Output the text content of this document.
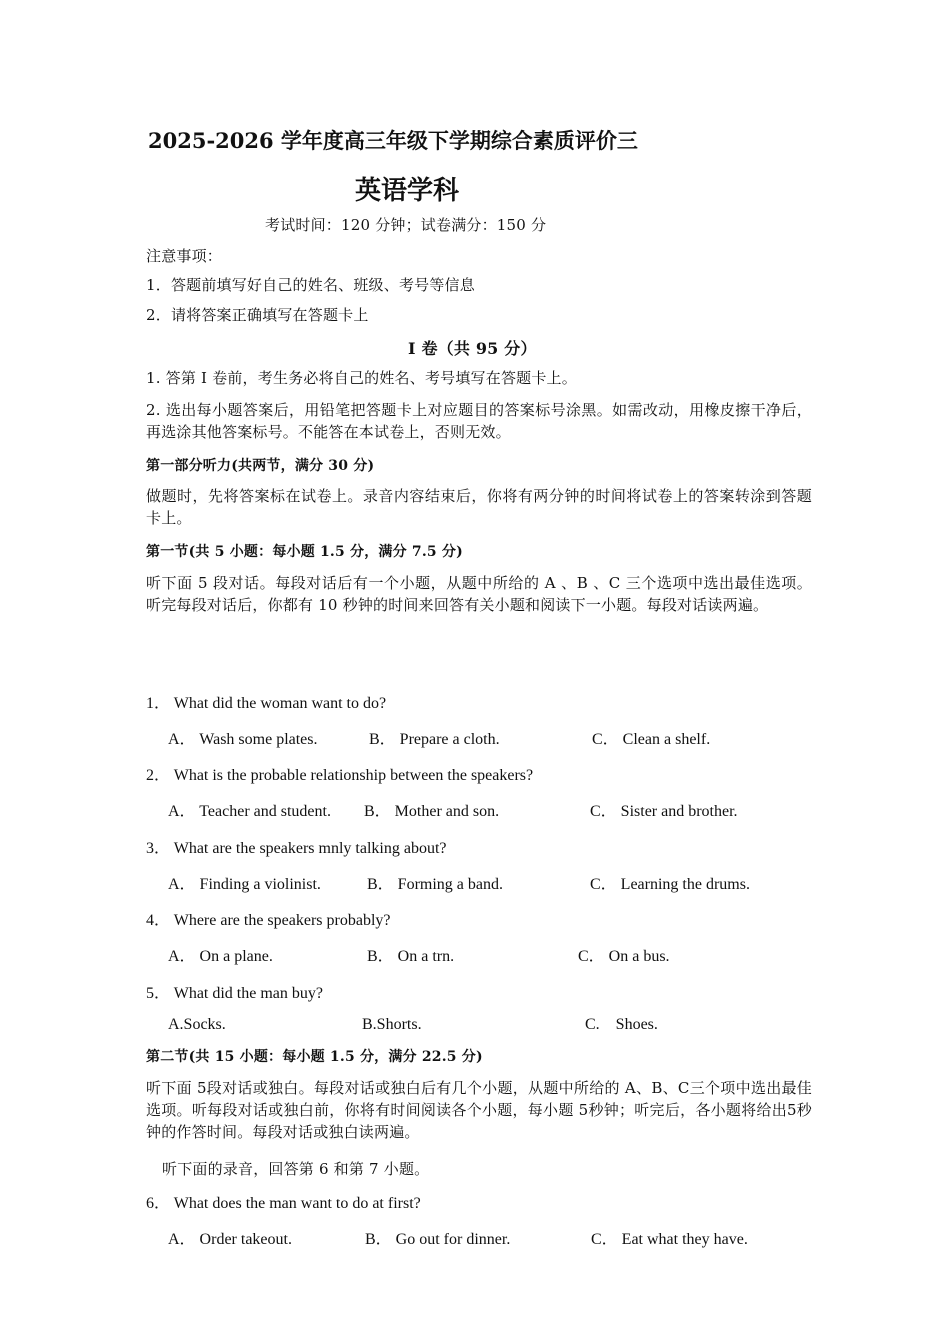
2025-2026 学年度高三年级下学期综合素质评价三
英语学科
考试时间：120 分钟；试卷满分：150 分
注意事项：
1．答题前填写好自己的姓名、班级、考号等信息
2．请将答案正确填写在答题卡上
Ⅰ 卷（共 95 分）
1. 答第 Ⅰ 卷前，考生务必将自己的姓名、考号填写在答题卡上。
2. 选出每小题答案后，用铅笔把答题卡上对应题目的答案标号涂黑。如需改动，用橡皮擦干净后，再选涂其他答案标号。不能答在本试卷上，否则无效。
第一部分听力(共两节，满分 30 分)
做题时，先将答案标在试卷上。录音内容结束后，你将有两分钟的时间将试卷上的答案转涂到答题卡上。
第一节(共 5 小题：每小题 1.5 分，满分 7.5 分)
听下面 5 段对话。每段对话后有一个小题，从题中所给的 A 、B 、C 三个选项中选出最佳选项。听完每段对话后，你都有 10 秒钟的时间来回答有关小题和阅读下一小题。每段对话读两遍。
1． What did the woman want to do?
A． Wash some plates.	B． Prepare a cloth.	C． Clean a shelf.
2． What is the probable relationship between the speakers?
A． Teacher and student. B． Mother and son.	C． Sister and brother.
3． What are the speakers mnly talking about?
A． Finding a violinist.	B． Forming a band.	C． Learning the drums.
4． Where are the speakers probably?
A． On a plane.	B． On a trn.	C． On a bus.
5． What did the man buy?
A.Socks.	B.Shorts.	C.    Shoes.
第二节(共 15 小题：每小题 1.5 分，满分 22.5 分)
听下面 5段对话或独白。每段对话或独白后有几个小题，从题中所给的 A、B、C三个项中选出最佳选项。听每段对话或独白前，你将有时间阅读各个小题，每小题 5秒钟；听完后，各小题将给出5秒钟的作答时间。每段对话或独白读两遍。
听下面的录音，回答第 6 和第 7 小题。
6． What does the man want to do at first?
A． Order takeout.	B． Go out for dinner.	C． Eat what they have.
